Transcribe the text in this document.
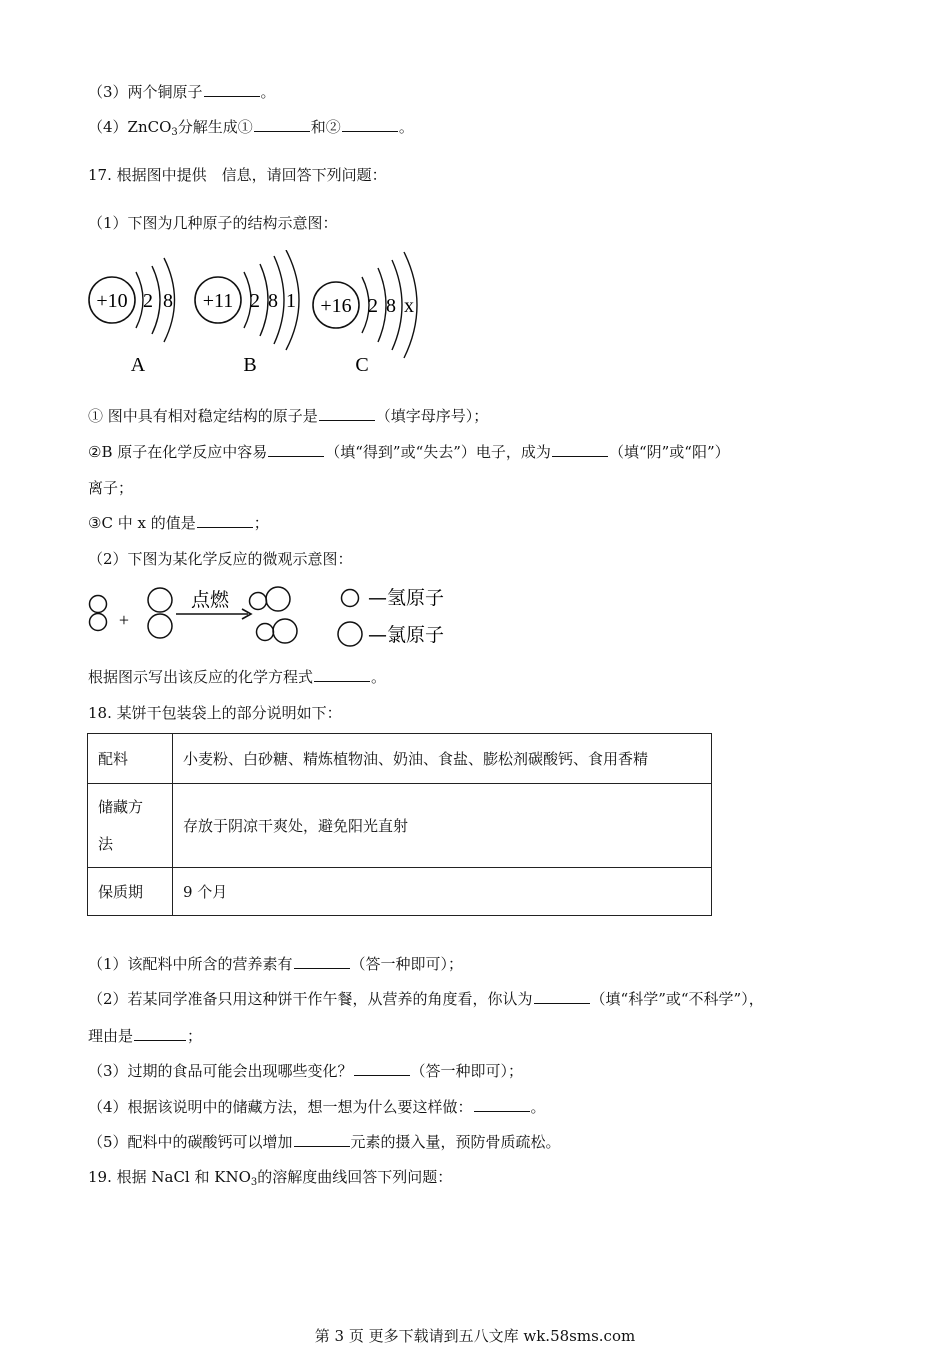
（3）两个铜原子	。
（4）ZnCO$_3$分解生成①	和②	。
17. 根据图中提供　信息，请回答下列问题：
（1）下图为几种原子的结构示意图：
+10 2 8
A
+11 2 8 1
B
+16 2 8 x
C
① 图中具有相对稳定结构的原子是	（填字母序号）；
②B 原子在化学反应中容易	（填“得到”或“失去”）电子，成为	（填“阴”或“阳”）
离子；
③C 中 x 的值是	；
（2）下图为某化学反应的微观示意图：
+
点燃	—氢原子
—氯原子
根据图示写出该反应的化学方程式	。
18. 某饼干包装袋上的部分说明如下：
配料	小麦粉、白砂糖、精炼植物油、奶油、食盐、膨松剂碳酸钙、食用香精

储藏方法	存放于阴凉干爽处，避免阳光直射
保质期	9 个月
（1）该配料中所含的营养素有	（答一种即可）；
（2）若某同学准备只用这种饼干作午餐，从营养的角度看，你认为	（填“科学”或“不科学”），
理由是	；
（3）过期的食品可能会出现哪些变化？	（答一种即可）；
（4）根据该说明中的储藏方法，想一想为什么要这样做：	。
（5）配料中的碳酸钙可以增加	元素的摄入量，预防骨质疏松。
19. 根据 NaCl 和 $KNO_3$的溶解度曲线回答下列问题：
第 3 页 更多下载请到五八文库 wk.58sms.com
